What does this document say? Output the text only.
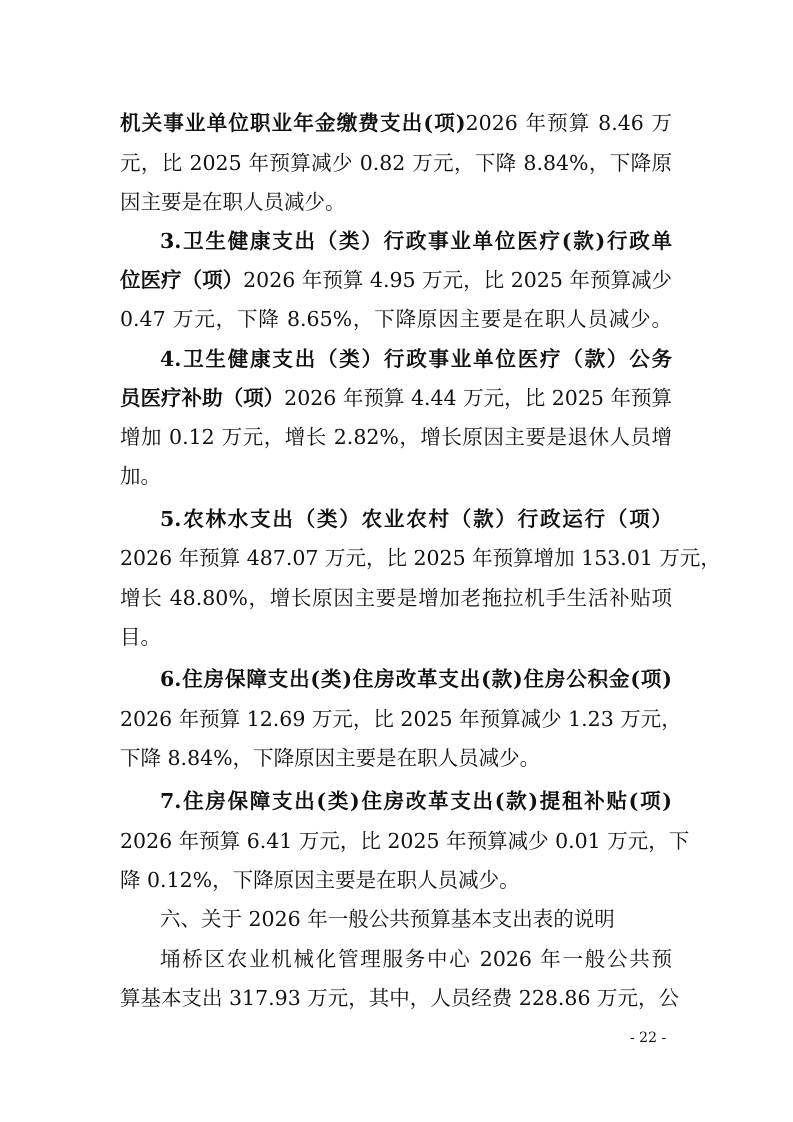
机关事业单位职业年金缴费支出(项)2026 年预算 8.46 万

元，比 2025 年预算减少 0.82 万元，下降 8.84%，下降原

因主要是在职人员减少。

3.卫生健康支出（类）行政事业单位医疗(款)行政单

位医疗（项）2026 年预算 4.95 万元，比 2025 年预算减少

0.47 万元，下降 8.65%，下降原因主要是在职人员减少。

4.卫生健康支出（类）行政事业单位医疗（款）公务

员医疗补助（项）2026 年预算 4.44 万元，比 2025 年预算

增加 0.12 万元，增长 2.82%，增长原因主要是退休人员增

加。

5.农林水支出（类）农业农村（款）行政运行（项）

2026 年预算 487.07 万元，比 2025 年预算增加 153.01 万元，

增长 48.80%，增长原因主要是增加老拖拉机手生活补贴项

目。

6.住房保障支出(类)住房改革支出(款)住房公积金(项)

2026 年预算 12.69 万元，比 2025 年预算减少 1.23 万元，

下降 8.84%，下降原因主要是在职人员减少。

7.住房保障支出(类)住房改革支出(款)提租补贴(项)

2026 年预算 6.41 万元，比 2025 年预算减少 0.01 万元，下

降 0.12%，下降原因主要是在职人员减少。

六、关于 2026 年一般公共预算基本支出表的说明

埇桥区农业机械化管理服务中心 2026 年一般公共预

算基本支出 317.93 万元，其中，人员经费 228.86 万元，公

- 22 -
